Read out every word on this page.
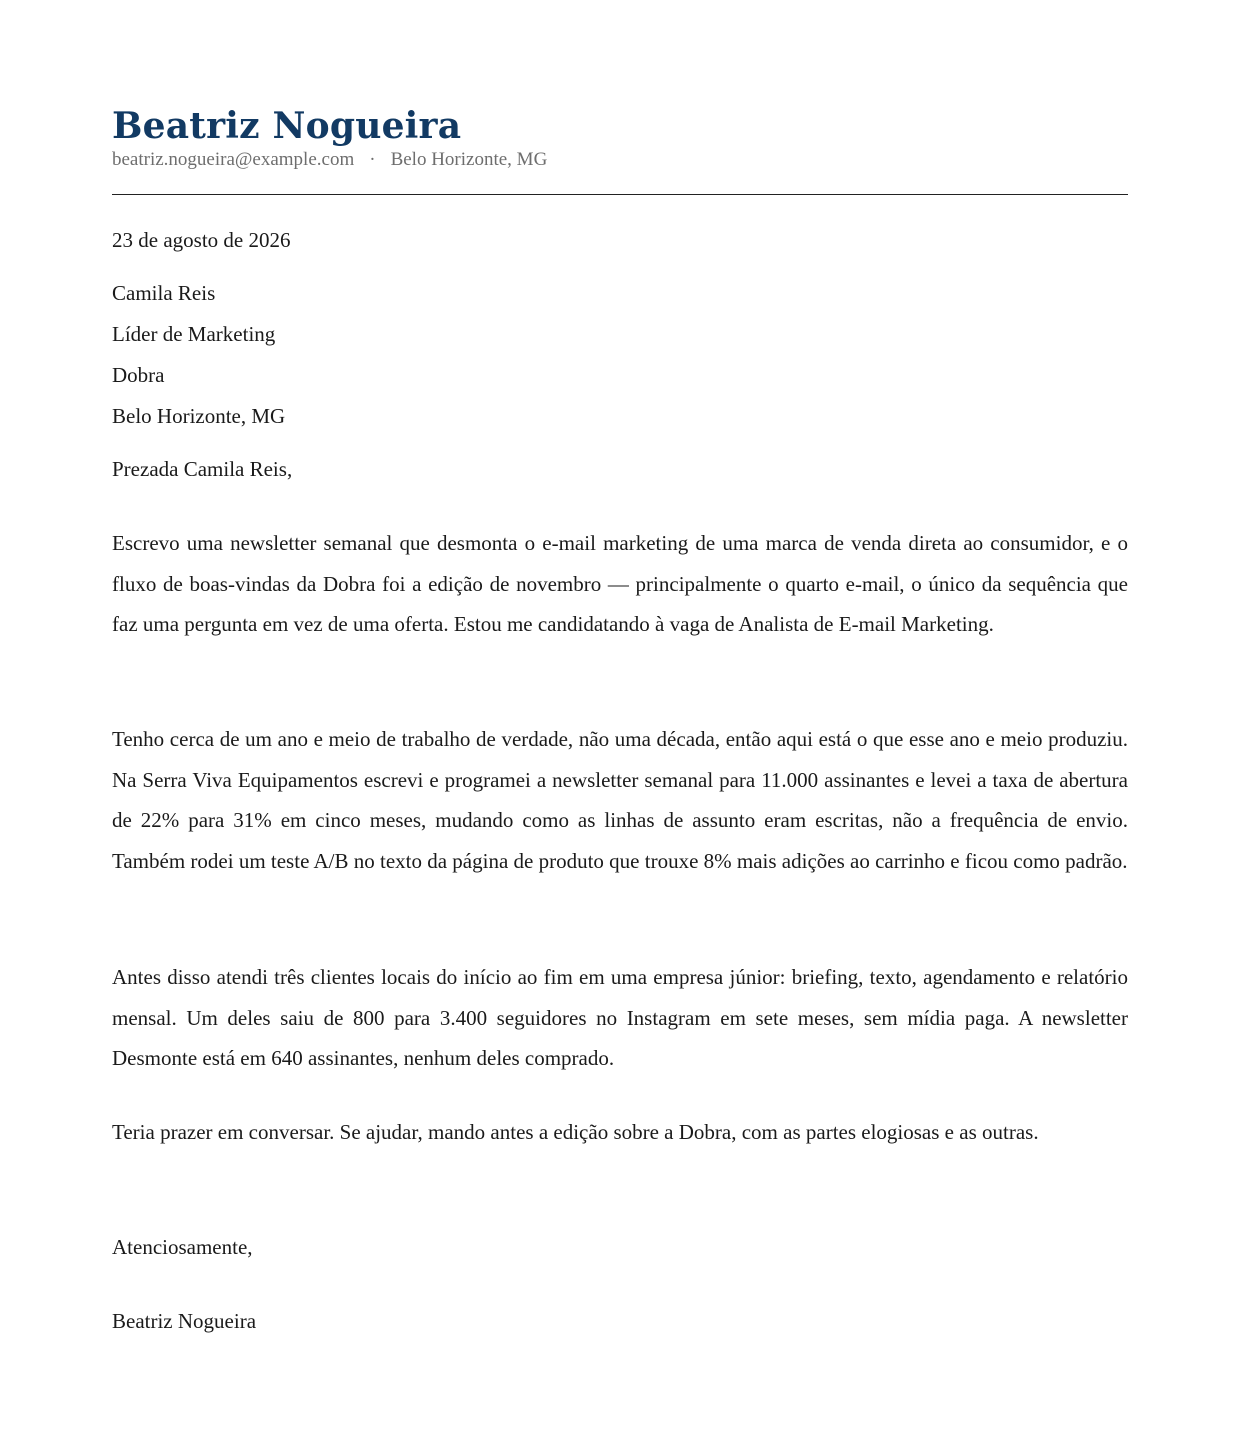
Beatriz Nogueira
beatriz.nogueira@example.com · Belo Horizonte, MG
23 de agosto de 2026
Camila Reis
Líder de Marketing
Dobra
Belo Horizonte, MG
Prezada Camila Reis,

Escrevo uma newsletter semanal que desmonta o e-mail marketing de uma marca de venda direta ao consumidor, e o fluxo de boas-vindas da Dobra foi a edição de novembro — principalmente o quarto e-mail, o único da sequência que faz uma pergunta em vez de uma oferta. Estou me candidatando à vaga de Analista de E-mail Marketing.

Tenho cerca de um ano e meio de trabalho de verdade, não uma década, então aqui está o que esse ano e meio produziu. Na Serra Viva Equipamentos escrevi e programei a newsletter semanal para 11.000 assinantes e levei a taxa de abertura de 22% para 31% em cinco meses, mudando como as linhas de assunto eram escritas, não a frequência de envio. Também rodei um teste A/B no texto da página de produto que trouxe 8% mais adições ao carrinho e ficou como padrão.

Antes disso atendi três clientes locais do início ao fim em uma empresa júnior: briefing, texto, agendamento e relatório mensal. Um deles saiu de 800 para 3.400 seguidores no Instagram em sete meses, sem mídia paga. A newsletter Desmonte está em 640 assinantes, nenhum deles comprado.

Teria prazer em conversar. Se ajudar, mando antes a edição sobre a Dobra, com as partes elogiosas e as outras.

Atenciosamente,
Beatriz Nogueira
